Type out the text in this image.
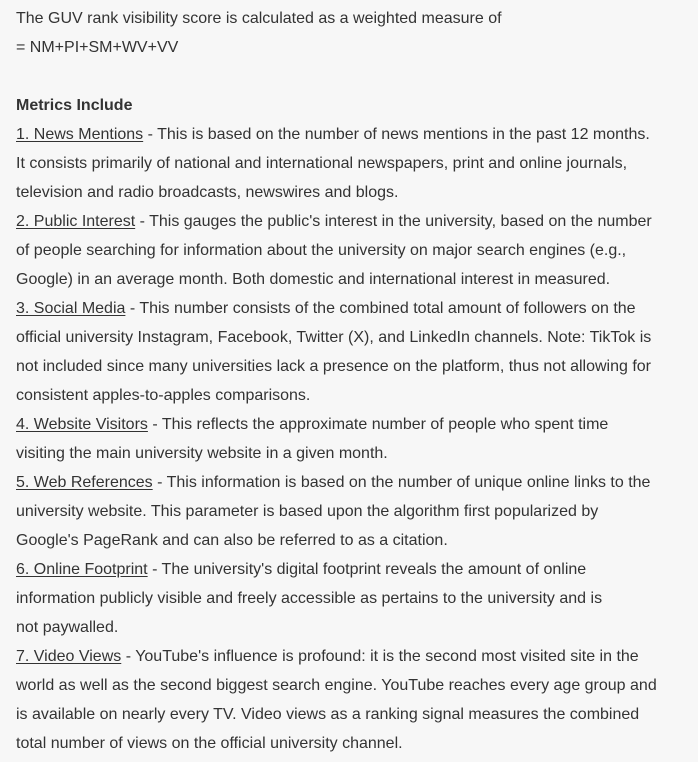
The GUV rank visibility score is calculated as a weighted measure of
= NM+PI+SM+WV+VV
Metrics Include
1. News Mentions - This is based on the number of news mentions in the past 12 months.
It consists primarily of national and international newspapers, print and online journals,
television and radio broadcasts, newswires and blogs.
2. Public Interest - This gauges the public's interest in the university, based on the number
of people searching for information about the university on major search engines (e.g.,
Google) in an average month. Both domestic and international interest in measured.
3. Social Media - This number consists of the combined total amount of followers on the
official university Instagram, Facebook, Twitter (X), and LinkedIn channels. Note: TikTok is
not included since many universities lack a presence on the platform, thus not allowing for
consistent apples-to-apples comparisons.
4. Website Visitors - This reflects the approximate number of people who spent time
visiting the main university website in a given month.
5. Web References - This information is based on the number of unique online links to the
university website. This parameter is based upon the algorithm first popularized by
Google's PageRank and can also be referred to as a citation.
6. Online Footprint - The university's digital footprint reveals the amount of online
information publicly visible and freely accessible as pertains to the university and is
not paywalled.
7. Video Views - YouTube's influence is profound: it is the second most visited site in the
world as well as the second biggest search engine. YouTube reaches every age group and
is available on nearly every TV. Video views as a ranking signal measures the combined
total number of views on the official university channel.
